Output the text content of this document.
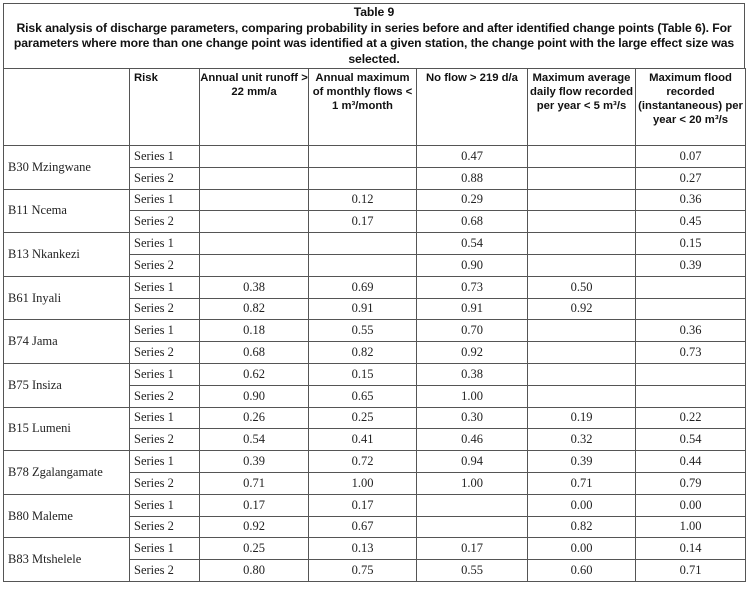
Table 9
Risk analysis of discharge parameters, comparing probability in series before and after identified change points (Table 6). For parameters where more than one change point was identified at a given station, the change point with the large effect size was selected.
	Risk	Annual unit runoff > 22 mm/a	Annual maximum of monthly flows < 1 m³/month	No flow > 219 d/a	Maximum average daily flow recorded per year < 5 m³/s	Maximum flood recorded (instantaneous) per year < 20 m³/s
B30 Mzingwane	Series 1			0.47		0.07
	Series 2			0.88		0.27
B11 Ncema	Series 1		0.12	0.29		0.36
	Series 2		0.17	0.68		0.45
B13 Nkankezi	Series 1			0.54		0.15
	Series 2			0.90		0.39
B61 Inyali	Series 1	0.38	0.69	0.73	0.50	
	Series 2	0.82	0.91	0.91	0.92	
B74 Jama	Series 1	0.18	0.55	0.70		0.36
	Series 2	0.68	0.82	0.92		0.73
B75 Insiza	Series 1	0.62	0.15	0.38		
	Series 2	0.90	0.65	1.00		
B15 Lumeni	Series 1	0.26	0.25	0.30	0.19	0.22
	Series 2	0.54	0.41	0.46	0.32	0.54
B78 Zgalangamate	Series 1	0.39	0.72	0.94	0.39	0.44
	Series 2	0.71	1.00	1.00	0.71	0.79
B80 Maleme	Series 1	0.17	0.17		0.00	0.00
	Series 2	0.92	0.67		0.82	1.00
B83 Mtshelele	Series 1	0.25	0.13	0.17	0.00	0.14
	Series 2	0.80	0.75	0.55	0.60	0.71
